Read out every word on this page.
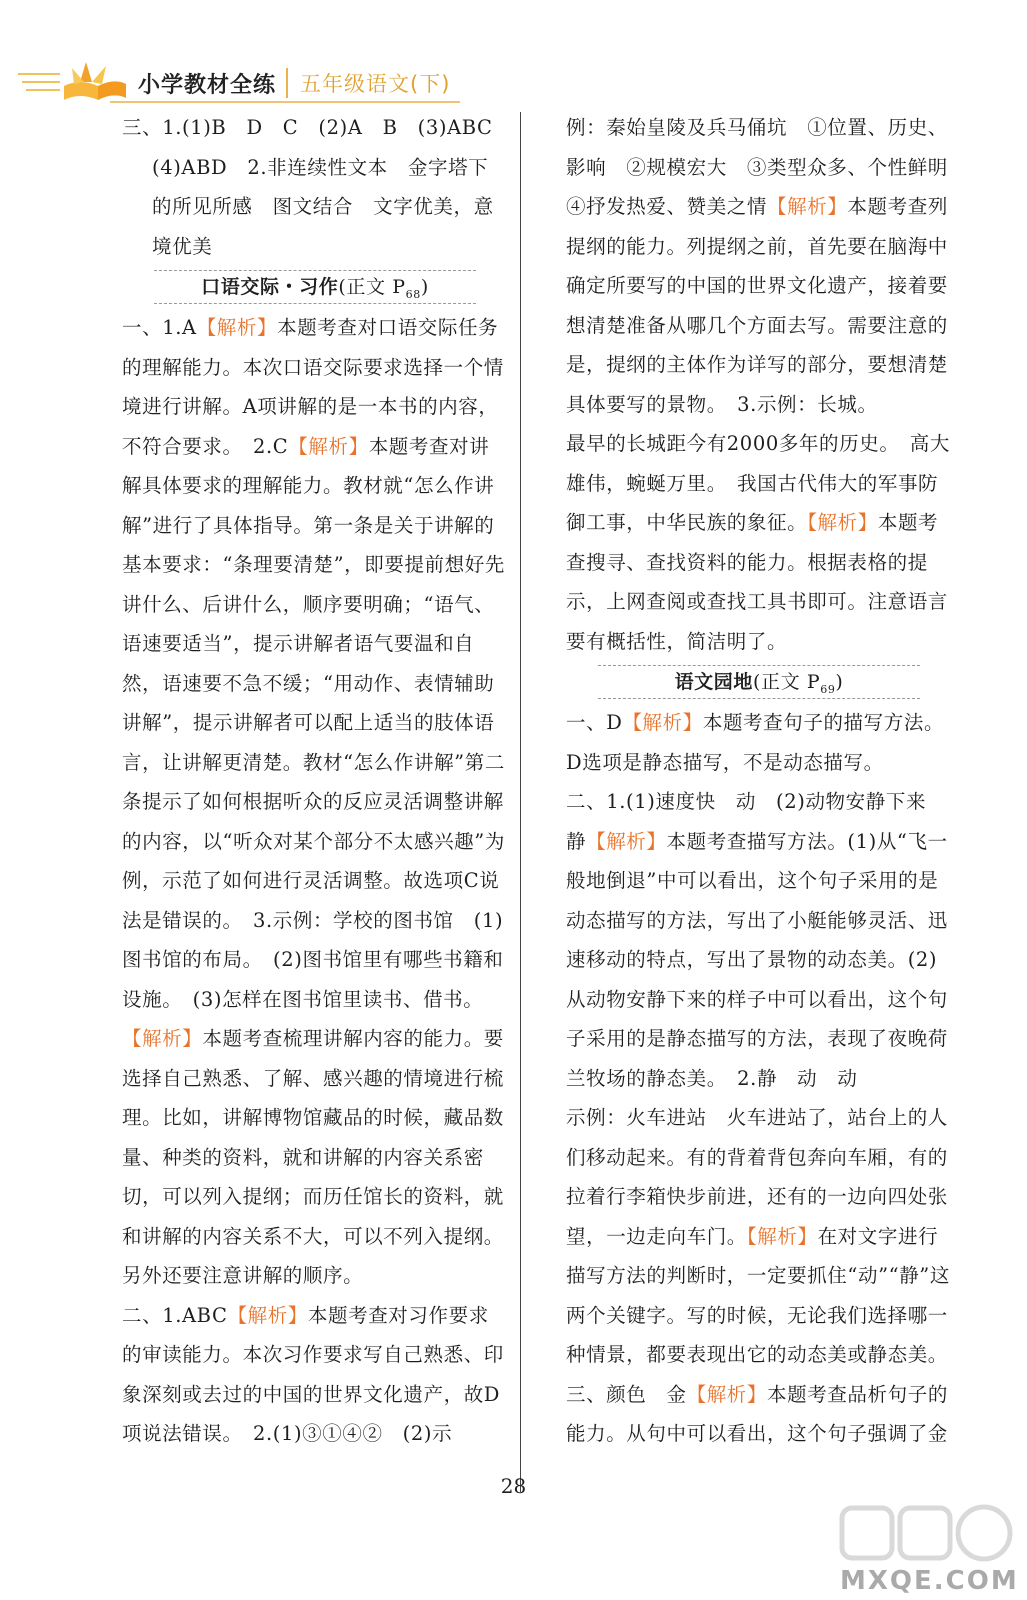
小学教材全练 五年级语文(下)

三、1.(1)B　D　C　(2)A　B　(3)ABC

(4)ABD　2.非连续性文本　金字塔下的所见所感　图文结合　文字优美，意境优美

口语交际・习作(正文 $P_{68}$)

一、1.A【解析】本题考查对口语交际任务的理解能力。本次口语交际要求选择一个情境进行讲解。A项讲解的是一本书的内容，不符合要求。　2.C【解析】本题考查对讲解具体要求的理解能力。教材就“怎么作讲解”进行了具体指导。第一条是关于讲解的基本要求：“条理要清楚”，即要提前想好先讲什么、后讲什么，顺序要明确；“语气、语速要适当”，提示讲解者语气要温和自然，语速要不急不缓；“用动作、表情辅助讲解”，提示讲解者可以配上适当的肢体语言，让讲解更清楚。教材“怎么作讲解”第二条提示了如何根据听众的反应灵活调整讲解的内容，以“听众对某个部分不太感兴趣”为例，示范了如何进行灵活调整。故选项C说法是错误的。　3.示例：学校的图书馆　(1)图书馆的布局。　(2)图书馆里有哪些书籍和设施。　(3)怎样在图书馆里读书、借书。【解析】本题考查梳理讲解内容的能力。要选择自己熟悉、了解、感兴趣的情境进行梳理。比如，讲解博物馆藏品的时候，藏品数量、种类的资料，就和讲解的内容关系密切，可以列入提纲；而历任馆长的资料，就和讲解的内容关系不大，可以不列入提纲。另外还要注意讲解的顺序。

二、1.ABC【解析】本题考查对习作要求的审读能力。本次习作要求写自己熟悉、印象深刻或去过的中国的世界文化遗产，故D项说法错误。　2.(1)③①④②　(2)示

例：秦始皇陵及兵马俑坑　①位置、历史、影响　②规模宏大　③类型众多、个性鲜明　④抒发热爱、赞美之情【解析】本题考查列提纲的能力。列提纲之前，首先要在脑海中确定所要写的中国的世界文化遗产，接着要想清楚准备从哪几个方面去写。需要注意的是，提纲的主体作为详写的部分，要想清楚具体要写的景物。　3.示例：长城。

最早的长城距今有2000多年的历史。　高大雄伟，蜿蜒万里。　我国古代伟大的军事防御工事，中华民族的象征。【解析】本题考查搜寻、查找资料的能力。根据表格的提示，上网查阅或查找工具书即可。注意语言要有概括性，简洁明了。

语文园地(正文 $P_{69}$)

一、D【解析】本题考查句子的描写方法。D选项是静态描写，不是动态描写。

二、1.(1)速度快　动　(2)动物安静下来　静【解析】本题考查描写方法。(1)从“飞一般地倒退”中可以看出，这个句子采用的是动态描写的方法，写出了小艇能够灵活、迅速移动的特点，写出了景物的动态美。(2)从动物安静下来的样子中可以看出，这个句子采用的是静态描写的方法，表现了夜晚荷兰牧场的静态美。　2.静　动　动

示例：火车进站　火车进站了，站台上的人们移动起来。有的背着背包奔向车厢，有的拉着行李箱快步前进，还有的一边向四处张望，一边走向车门。【解析】在对文字进行描写方法的判断时，一定要抓住“动”“静”这两个关键字。写的时候，无论我们选择哪一种情景，都要表现出它的动态美或静态美。

三、颜色　金【解析】本题考查品析句子的能力。从句中可以看出，这个句子强调了金

28
MXQE.COM
